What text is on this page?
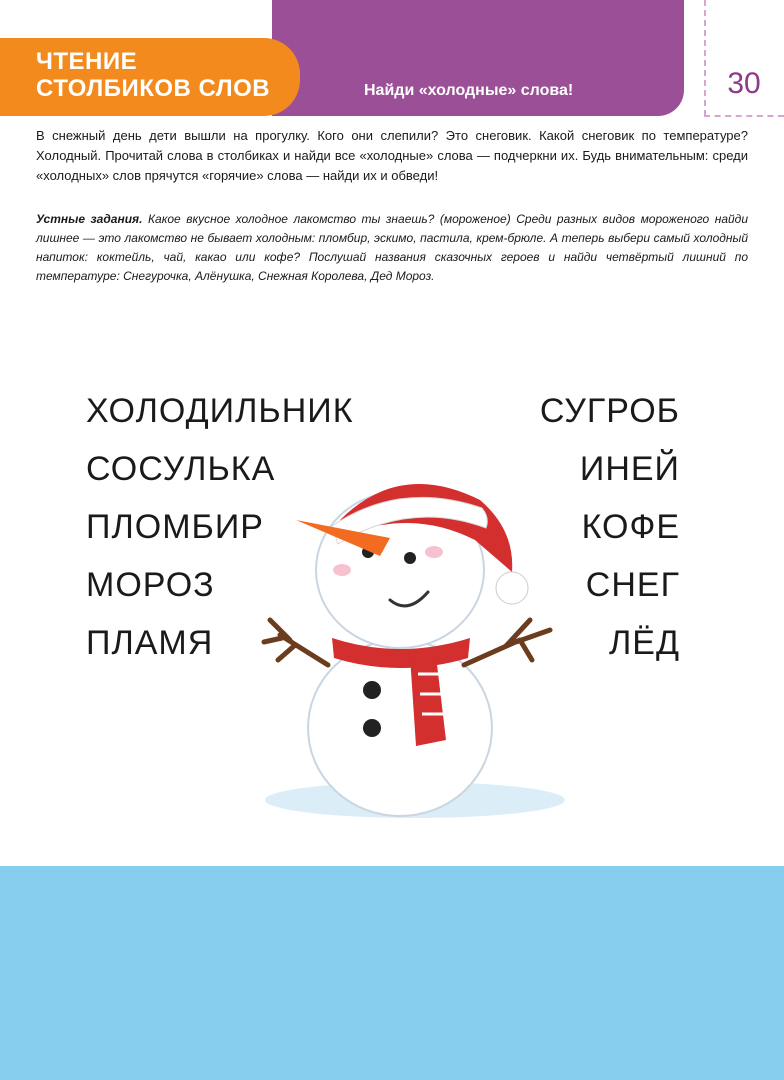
ЧТЕНИЕ
СТОЛБИКОВ СЛОВ	Найди «холодные» слова!	30
В снежный день дети вышли на прогулку. Кого они слепили? Это снеговик. Какой снеговик по температуре? Холодный. Прочитай слова в столбиках и найди все «холодные» слова — подчеркни их. Будь внимательным: среди «холодных» слов прячутся «горячие» слова — найди их и обведи!
Устные задания. Какое вкусное холодное лакомство ты знаешь? (мороженое) Среди разных видов мороженого найди лишнее — это лакомство не бывает холодным: пломбир, эскимо, пастила, крем-брюле. А теперь выбери самый холодный напиток: коктейль, чай, какао или кофе? Послушай названия сказочных героев и найди четвёртый лишний по температуре: Снегурочка, Алёнушка, Снежная Королева, Дед Мороз.
ХОЛОДИЛЬНИК
СОСУЛЬКА
ПЛОМБИР
МОРОЗ
ПЛАМЯ
СУГРОБ
ИНЕЙ
КОФЕ
СНЕГ
ЛЁД
